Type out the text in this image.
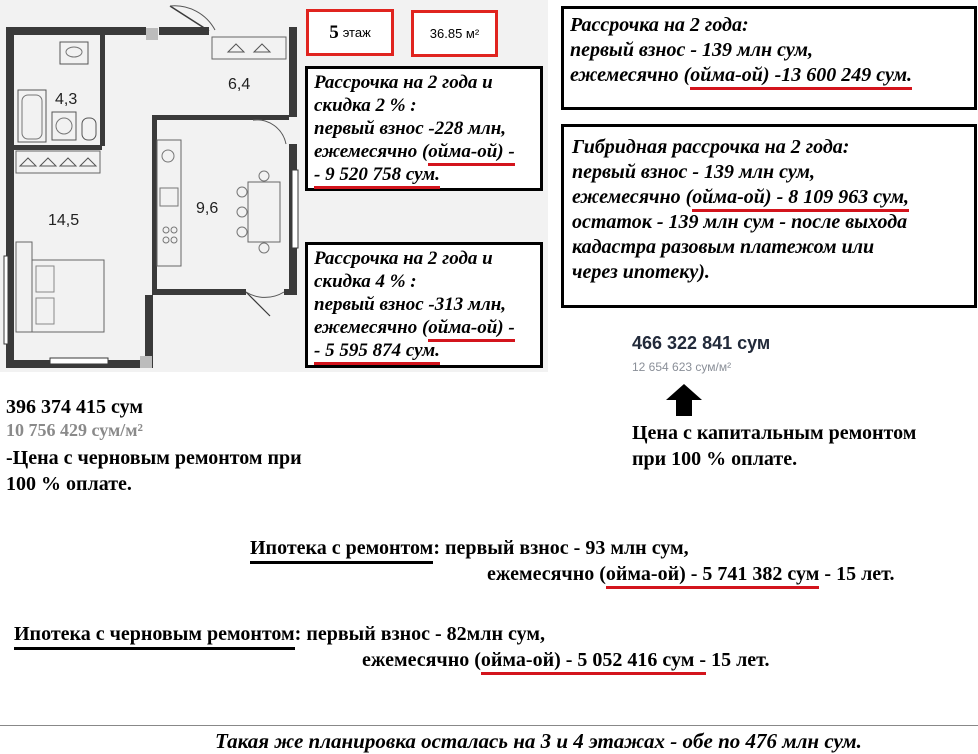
4,3
6,4
14,5
9,6
5 этаж	36.85 м²
Рассрочка на 2 года и
скидка 2 % :
первый взнос -228 млн,
ежемесячно (ойма-ой) -
- 9 520 758 сум.
Рассрочка на 2 года и
скидка 4 % :
первый взнос -313 млн,
ежемесячно (ойма-ой) -
- 5 595 874 сум.
Рассрочка на 2 года:
первый взнос - 139 млн сум,
ежемесячно (ойма-ой) -13 600 249 сум.
Гибридная рассрочка на 2 года:
первый взнос - 139 млн сум,
ежемесячно (ойма-ой) - 8 109 963 сум,
остаток - 139 млн сум - после выхода
кадастра разовым платежом или
через ипотеку).
466 322 841 сум
12 654 623 сум/м²
Цена с капитальным ремонтом
при 100 % оплате.
396 374 415 сум
10 756 429 сум/м²
-Цена с черновым ремонтом при
100 % оплате.
Ипотека с ремонтом: первый взнос - 93 млн сум,
ежемесячно (ойма-ой) - 5 741 382 сум - 15 лет.
Ипотека с черновым ремонтом: первый взнос - 82млн сум,
ежемесячно (ойма-ой) - 5 052 416 сум - 15 лет.
Такая же планировка осталась на 3 и 4 этажах - обе по 476 млн сум.
